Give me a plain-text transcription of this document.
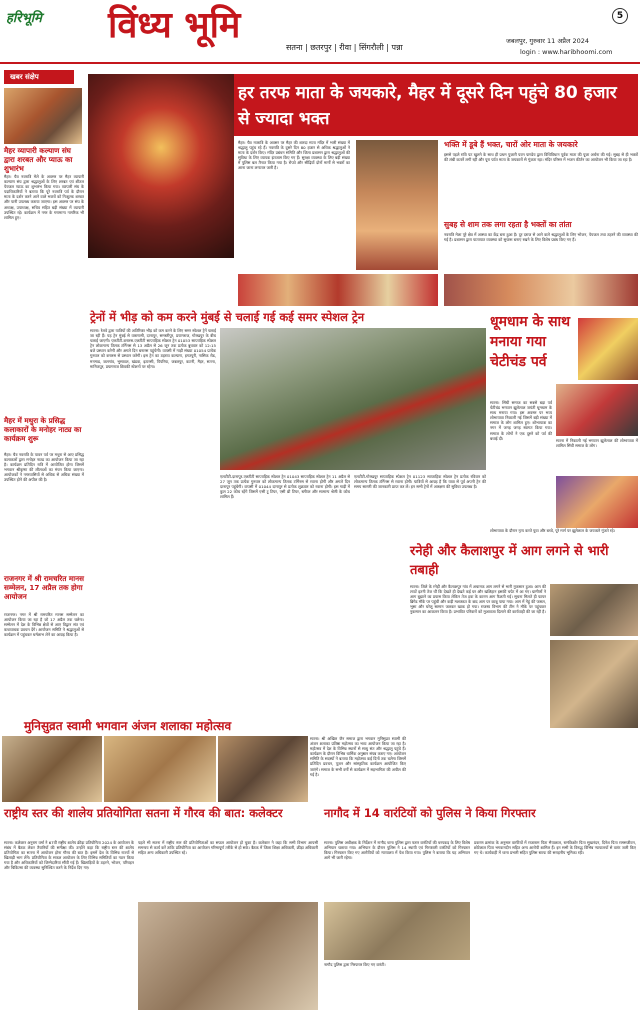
हरिभूमि विंध्य भूमि
सतना | छतरपुर | रीवा | सिंगरौली | पन्ना
5
जबलपुर, गुरुवार 11 अप्रैल 2024
login : www.haribhoomi.com
खबर संक्षेप
मैहर व्यापारी कल्याण संघ द्वारा शरबत और प्याऊ का शुभारंभ
मैहर। चैत्र नवरात्रि मेले के अवसर पर मैहर व्यापारी कल्याण संघ द्वारा श्रद्धालुओं के लिए शरबत एवं शीतल पेयजल प्याऊ का शुभारंभ किया गया। व्यापारी संघ के पदाधिकारियों ने बताया कि पूरे नवरात्रि पर्व के दौरान माता के दर्शन करने आने वाले भक्तों को निःशुल्क शरबत और पानी उपलब्ध कराया जाएगा। इस अवसर पर संघ के अध्यक्ष, उपाध्यक्ष, सचिव सहित बड़ी संख्या में व्यापारी उपस्थित रहे। कार्यक्रम में नगर के गणमान्य नागरिक भी शामिल हुए।
मैहर में मथुरा के प्रसिद्ध कलाकारों के मनोहर नाट्य का कार्यक्रम शुरू
मैहर। चैत्र नवरात्रि के पावन पर्व पर मथुरा से आए प्रसिद्ध कलाकारों द्वारा मनोहर नाट्य का आयोजन किया जा रहा है। कार्यक्रम प्रतिदिन रात्रि में आयोजित होगा जिसमें भगवान श्रीकृष्ण की लीलाओं का मंचन किया जाएगा। आयोजकों ने नगरवासियों से अधिक से अधिक संख्या में उपस्थित होने की अपील की है।
राजनगर में श्री रामचरित मानस सम्मेलन, 17 अप्रैल तक होगा आयोजन
राजनगर। नगर में श्री रामचरित मानस सम्मेलन का आयोजन किया जा रहा है जो 17 अप्रैल तक चलेगा। सम्मेलन में देश के विभिन्न क्षेत्रों से आए विद्वान संत एवं कथावाचक प्रवचन देंगे। आयोजन समिति ने श्रद्धालुओं से कार्यक्रम में पहुंचकर धर्मलाभ लेने का आग्रह किया है।
हर तरफ माता के जयकारे, मैहर में दूसरे दिन पहुंचे 80 हजार से ज्यादा भक्त
मैहर। चैत्र नवरात्रि के अवसर पर मैहर की शारदा माता मंदिर में भारी संख्या में श्रद्धालु पहुंच रहे हैं। नवरात्रि के दूसरे दिन 80 हजार से अधिक श्रद्धालुओं ने माता के दर्शन किए। मंदिर प्रबंधन समिति और जिला प्रशासन द्वारा श्रद्धालुओं की सुविधा के लिए व्यापक इंतजाम किए गए हैं। सुरक्षा व्यवस्था के लिए बड़ी संख्या में पुलिस बल तैनात किया गया है। रोपवे और सीढ़ियों दोनों मार्गों से भक्तों का आना जाना लगातार जारी है।
भक्ति में डूबे हैं भक्त, चारों ओर माता के जयकारे
इससे पहले रात्रि पट खुलने के साथ ही प्रथम पुजारी पवन पाण्डेय द्वारा विधिविधान पूर्वक माता की पूजा अर्चना की गई। सुबह से ही भक्तों की लंबी कतारें लगी रहीं और पूरा पर्वत माता के जयकारों से गूंजता रहा। मंदिर परिसर में भजन कीर्तन का आयोजन भी किया जा रहा है।
सुबह से शाम तक लगा रहता है भक्तों का तांता
नवरात्रि मेला पूरे क्षेत्र में आस्था का केंद्र बना हुआ है। दूर दराज से आने वाले श्रद्धालुओं के लिए भोजन, पेयजल तथा ठहरने की व्यवस्था की गई है। प्रशासन द्वारा यातायात व्यवस्था को सुचारू बनाए रखने के लिए विशेष प्रबंध किए गए हैं।
ट्रेनों में भीड़ को कम करने मुंबई से चलाई गई कई समर स्पेशल ट्रेन
सतना। रेलवे द्वारा यात्रियों की अतिरिक्त भीड़ को कम करने के लिए समर स्पेशल ट्रेनें चलाई जा रही हैं। यह ट्रेन मुंबई से वाराणसी, दानापुर, समस्तीपुर, प्रयागराज, गोरखपुर के बीच चलाई जाएगी। एलटीटी-बनारस-एलटीटी साप्ताहिक स्पेशल ट्रेन 01053 साप्ताहिक स्पेशल ट्रेन लोकमान्य तिलक टर्मिनस से 13 अप्रैल से 26 जून तक प्रत्येक बुधवार को 12:15 बजे प्रस्थान करेगी और अगले दिन बनारस पहुंचेगी। वापसी में गाड़ी संख्या 01054 प्रत्येक गुरुवार को बनारस से प्रस्थान करेगी। इस ट्रेन का ठहराव कल्याण, इगतपुरी, नासिक रोड, मनमाड, जलगांव, भुसावल, खंडवा, इटारसी, पिपरिया, जबलपुर, कटनी, मैहर, सतना, मानिकपुर, प्रयागराज छिवकी स्टेशनों पर रहेगा।
एलटीटी-दानापुर-एलटीटी साप्ताहिक स्पेशल ट्रेन 01043 साप्ताहिक स्पेशल ट्रेन 11 अप्रैल से 27 जून तक प्रत्येक गुरुवार को लोकमान्य तिलक टर्मिनस से रवाना होगी और अगले दिन दानापुर पहुंचेगी। वापसी में 01044 दानापुर से प्रत्येक शुक्रवार को रवाना होगी। इस गाड़ी में कुल 22 कोच रहेंगे जिसमें एसी टू टियर, एसी थ्री टियर, स्लीपर और सामान्य श्रेणी के कोच शामिल हैं।
एलटीटी-गोरखपुर साप्ताहिक स्पेशल ट्रेन 01123 साप्ताहिक स्पेशल ट्रेन प्रत्येक रविवार को लोकमान्य तिलक टर्मिनस से रवाना होगी। यात्रियों से आग्रह है कि यात्रा से पूर्व अपनी ट्रेन की समय सारणी की जानकारी प्राप्त कर लें। इन सभी ट्रेनों में आरक्षण की सुविधा उपलब्ध है।
धूमधाम के साथ मनाया गया चेटीचंड पर्व
सतना। सिंधी समाज का सबसे बड़ा पर्व चेटीचंड भगवान झूलेलाल जयंती धूमधाम के साथ मनाया गया। इस अवसर पर भव्य शोभायात्रा निकाली गई जिसमें बड़ी संख्या में समाज के लोग शामिल हुए। शोभायात्रा का नगर में जगह जगह स्वागत किया गया। समाज के लोगों ने एक दूसरे को पर्व की बधाई दी।	सतना में निकाली गई भगवान झूलेलाल की शोभायात्रा में शामिल सिंधी समाज के लोग।
शोभायात्रा के दौरान नृत्य करते युवा और बच्चे, पूरे मार्ग पर झूलेलाल के जयकारे गूंजते रहे।
रनेही और कैलाशपुर में आग लगने से भारी तबाही
सतना। जिले के रनेही और कैलाशपुर गांव में अचानक आग लगने से भारी नुकसान हुआ। आग की लपटें इतनी तेज थीं कि देखते ही देखते कई घर और खलिहान इसकी चपेट में आ गए। ग्रामीणों ने आग बुझाने का प्रयास किया लेकिन तेज हवा के कारण आग फैलती गई। सूचना मिलते ही फायर ब्रिगेड मौके पर पहुंची और कड़ी मशक्कत के बाद आग पर काबू पाया गया। आग में गेहूं की फसल, भूसा और घरेलू सामान जलकर खाक हो गया। राजस्व विभाग की टीम ने मौके पर पहुंचकर नुकसान का आकलन किया है। प्रभावित परिवारों को मुआवजा दिलाने की कार्यवाही की जा रही है।
मुनिसुव्रत स्वामी भगवान अंजन शलाका महोत्सव
सतना। श्री अखिल जैन समाज द्वारा भगवान मुनिसुव्रत स्वामी की अंजन शलाका प्रतिष्ठा महोत्सव का भव्य आयोजन किया जा रहा है। महोत्सव में देश के विभिन्न स्थानों से साधु संत और श्रद्धालु पहुंचे हैं। कार्यक्रम के दौरान विभिन्न धार्मिक अनुष्ठान संपन्न कराए गए। आयोजन समिति के सदस्यों ने बताया कि महोत्सव कई दिनों तक चलेगा जिसमें प्रतिदिन प्रवचन, पूजन और सांस्कृतिक कार्यक्रम आयोजित किए जाएंगे। समाज के सभी वर्गों से कार्यक्रम में सहभागिता की अपील की गई है।
राष्ट्रीय स्तर की शालेय प्रतियोगिता सतना में गौरव की बात: कलेक्टर
सतना। कलेक्टर अनुराग वर्मा ने 67वीं राष्ट्रीय शालेय क्रीड़ा प्रतियोगिता 2024 के आयोजन के संबंध में बैठक लेकर तैयारियों की समीक्षा की। उन्होंने कहा कि राष्ट्रीय स्तर की शालेय प्रतियोगिता का सतना में आयोजन होना गौरव की बात है। इसमें देश के विभिन्न राज्यों से खिलाड़ी भाग लेंगे। प्रतियोगिता के सफल आयोजन के लिए विभिन्न समितियों का गठन किया गया है और अधिकारियों को जिम्मेदारियां सौंपी गई हैं। खिलाड़ियों के ठहरने, भोजन, परिवहन और चिकित्सा की व्यवस्था सुनिश्चित करने के निर्देश दिए गए।
पहले भी सतना में राष्ट्रीय स्तर की प्रतियोगिताओं का सफल आयोजन हो चुका है। कलेक्टर ने कहा कि सभी विभाग आपसी समन्वय से कार्य करें ताकि प्रतियोगिता का आयोजन गरिमापूर्ण तरीके से हो सके। बैठक में जिला शिक्षा अधिकारी, क्रीड़ा अधिकारी सहित अन्य अधिकारी उपस्थित रहे।
नागौद में 14 वारंटियों को पुलिस ने किया गिरफ्तार
सतना। पुलिस अधीक्षक के निर्देशन में नागौद थाना पुलिस द्वारा फरार वारंटियों की धरपकड़ के लिए विशेष अभियान चलाया गया। अभियान के दौरान पुलिस ने 14 स्थायी एवं गिरफ्तारी वारंटियों को गिरफ्तार किया। गिरफ्तार किए गए आरोपियों को न्यायालय में पेश किया गया। पुलिस ने बताया कि यह अभियान आगे भी जारी रहेगा।
नागौद पुलिस द्वारा गिरफ्तार किए गए वारंटी।
प्रकरण क्रमांक के अनुसार वारंटियों में राजाराम पिता भैयालाल, रामकिशोर पिता सुखनंदन, दिनेश पिता रामसजीवन, छोटेलाल पिता भगवानदीन सहित अन्य आरोपी शामिल हैं। इन सभी के विरुद्ध विभिन्न न्यायालयों से वारंट जारी किए गए थे। कार्यवाही में थाना प्रभारी सहित पुलिस स्टाफ की सराहनीय भूमिका रही।
